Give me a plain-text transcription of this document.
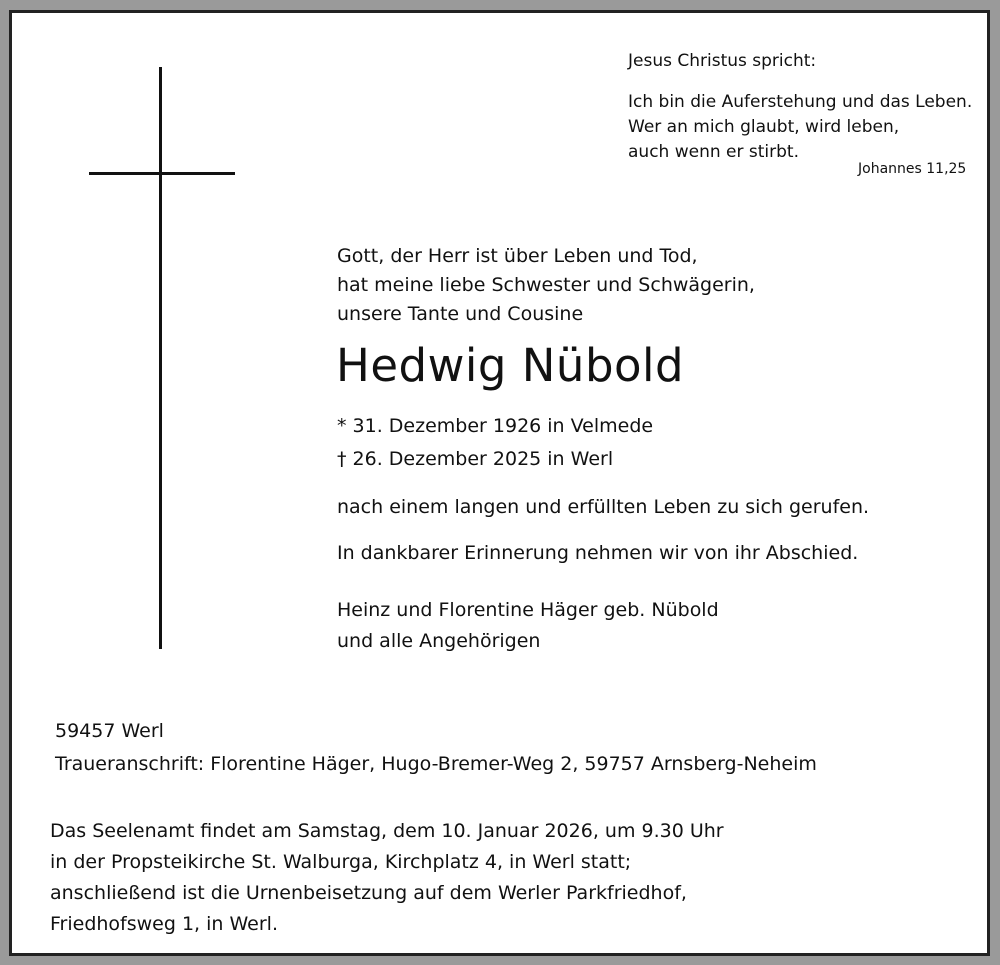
Jesus Christus spricht:
Ich bin die Auferstehung und das Leben.
Wer an mich glaubt, wird leben,
auch wenn er stirbt.
Johannes 11,25
Gott, der Herr ist über Leben und Tod,
hat meine liebe Schwester und Schwägerin,
unsere Tante und Cousine
Hedwig Nübold
* 31. Dezember 1926 in Velmede
† 26. Dezember 2025 in Werl
nach einem langen und erfüllten Leben zu sich gerufen.
In dankbarer Erinnerung nehmen wir von ihr Abschied.
Heinz und Florentine Häger geb. Nübold
und alle Angehörigen
59457 Werl
Traueranschrift: Florentine Häger, Hugo-Bremer-Weg 2, 59757 Arnsberg-Neheim
Das Seelenamt findet am Samstag, dem 10. Januar 2026, um 9.30 Uhr
in der Propsteikirche St. Walburga, Kirchplatz 4, in Werl statt;
anschließend ist die Urnenbeisetzung auf dem Werler Parkfriedhof,
Friedhofsweg 1, in Werl.
